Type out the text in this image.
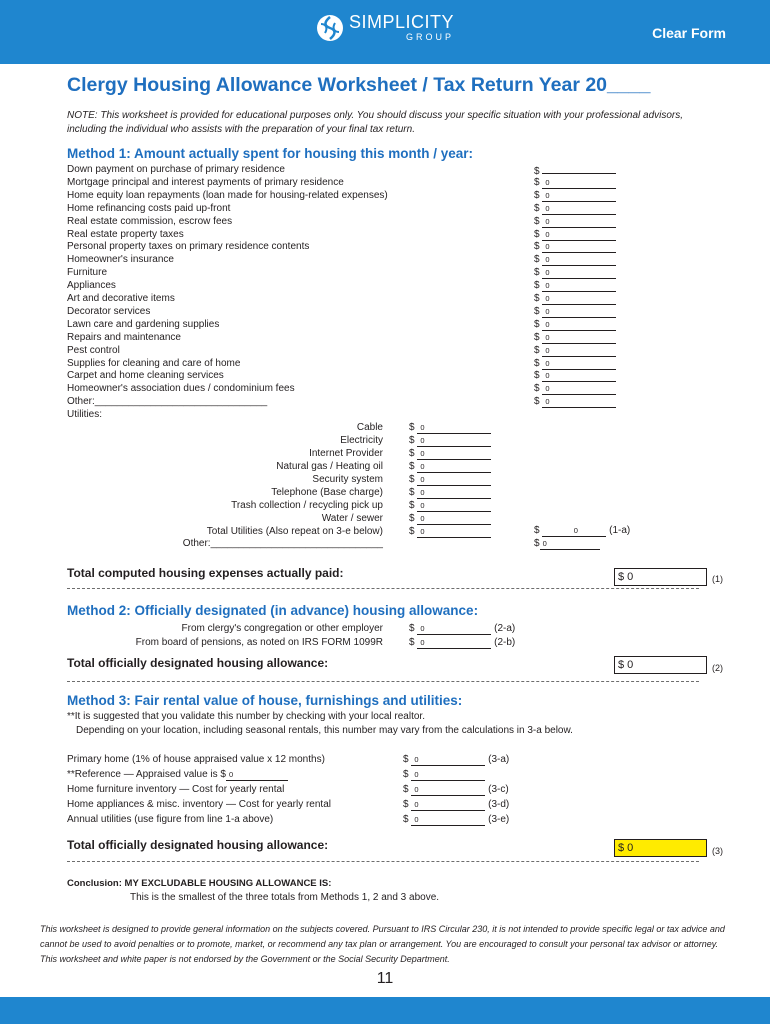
SIMPLICITY
GROUP	Clear Form
Clergy Housing Allowance Worksheet / Tax Return Year 20____
NOTE: This worksheet is provided for educational purposes only. You should discuss your specific situation with your professional advisors, including the individual who assists with the preparation of your final tax return.
Method 1: Amount actually spent for housing this month / year:
Down payment on purchase of primary residence	$
Mortgage principal and interest payments of primary residence	$ 0
Home equity loan repayments (loan made for housing-related expenses)	$ 0
Home refinancing costs paid up-front	$ 0
Real estate commission, escrow fees	$ 0
Real estate property taxes	$ 0
Personal property taxes on primary residence contents	$ 0
Homeowner's insurance	$ 0
Furniture	$ 0
Appliances	$ 0
Art and decorative items	$ 0
Decorator services	$ 0
Lawn care and gardening supplies	$ 0
Repairs and maintenance	$ 0
Pest control	$ 0
Supplies for cleaning and care of home	$ 0
Carpet and home cleaning services	$ 0
Homeowner's association dues / condominium fees	$ 0
Other:_______________________________	$ 0
Utilities:
Cable	$ 0
Electricity	$ 0
Internet Provider	$ 0
Natural gas / Heating oil	$ 0
Security system	$ 0
Telephone (Base charge)	$ 0
Trash collection / recycling pick up	$ 0
Water / sewer	$ 0
Total Utilities (Also repeat on 3-e below)	$ 0	$	0	(1-a)
Other:_______________________________	$ 0
Total computed housing expenses actually paid:	$ 0	(1)
Method 2: Officially designated (in advance) housing allowance:
From clergy's congregation or other employer	$ 0	(2-a)
From board of pensions, as noted on IRS FORM 1099R	$ 0	(2-b)
Total officially designated housing allowance:	$ 0	(2)
Method 3: Fair rental value of house, furnishings and utilities:
**It is suggested that you validate this number by checking with your local realtor.
Depending on your location, including seasonal rentals, this number may vary from the calculations in 3-a below.
Primary home (1% of house appraised value x 12 months)	$ 0	(3-a)
**Reference — Appraised value is $ 0	$ 0
Home furniture inventory — Cost for yearly rental	$ 0	(3-c)
Home appliances & misc. inventory — Cost for yearly rental	$ 0	(3-d)
Annual utilities (use figure from line 1-a above)	$ 0	(3-e)
Total officially designated housing allowance:	$ 0	(3)
Conclusion: MY EXCLUDABLE HOUSING ALLOWANCE IS:
This is the smallest of the three totals from Methods 1, 2 and 3 above.
This worksheet is designed to provide general information on the subjects covered. Pursuant to IRS Circular 230, it is not intended to provide specific legal or tax advice and cannot be used to avoid penalties or to promote, market, or recommend any tax plan or arrangement. You are encouraged to consult your personal tax advisor or attorney. This worksheet and white paper is not endorsed by the Government or the Social Security Department.
11
